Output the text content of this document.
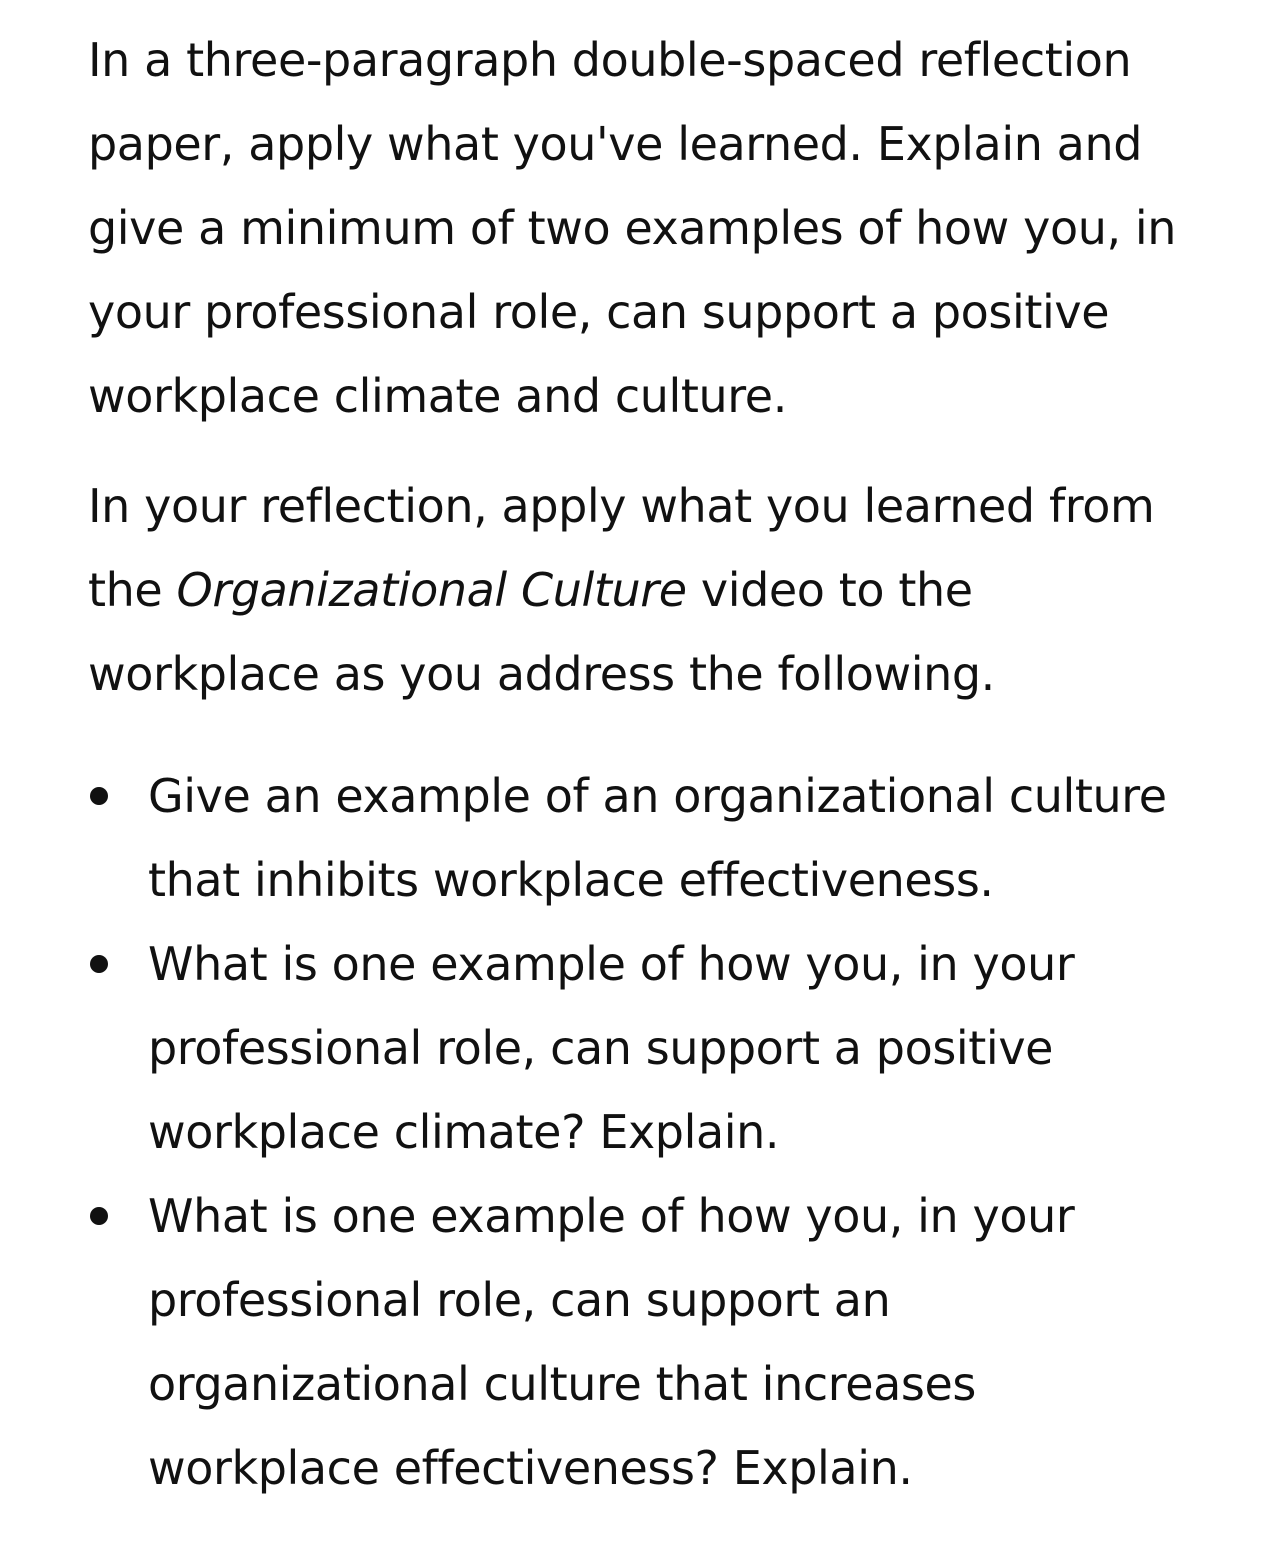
In a three-paragraph double-spaced reflection paper, apply what you've learned. Explain and give a minimum of two examples of how you, in your professional role, can support a positive workplace climate and culture.

In your reflection, apply what you learned from the Organizational Culture video to the workplace as you address the following.

Give an example of an organizational culture that inhibits workplace effectiveness.
What is one example of how you, in your professional role, can support a positive workplace climate? Explain.
What is one example of how you, in your professional role, can support an organizational culture that increases workplace effectiveness? Explain.
